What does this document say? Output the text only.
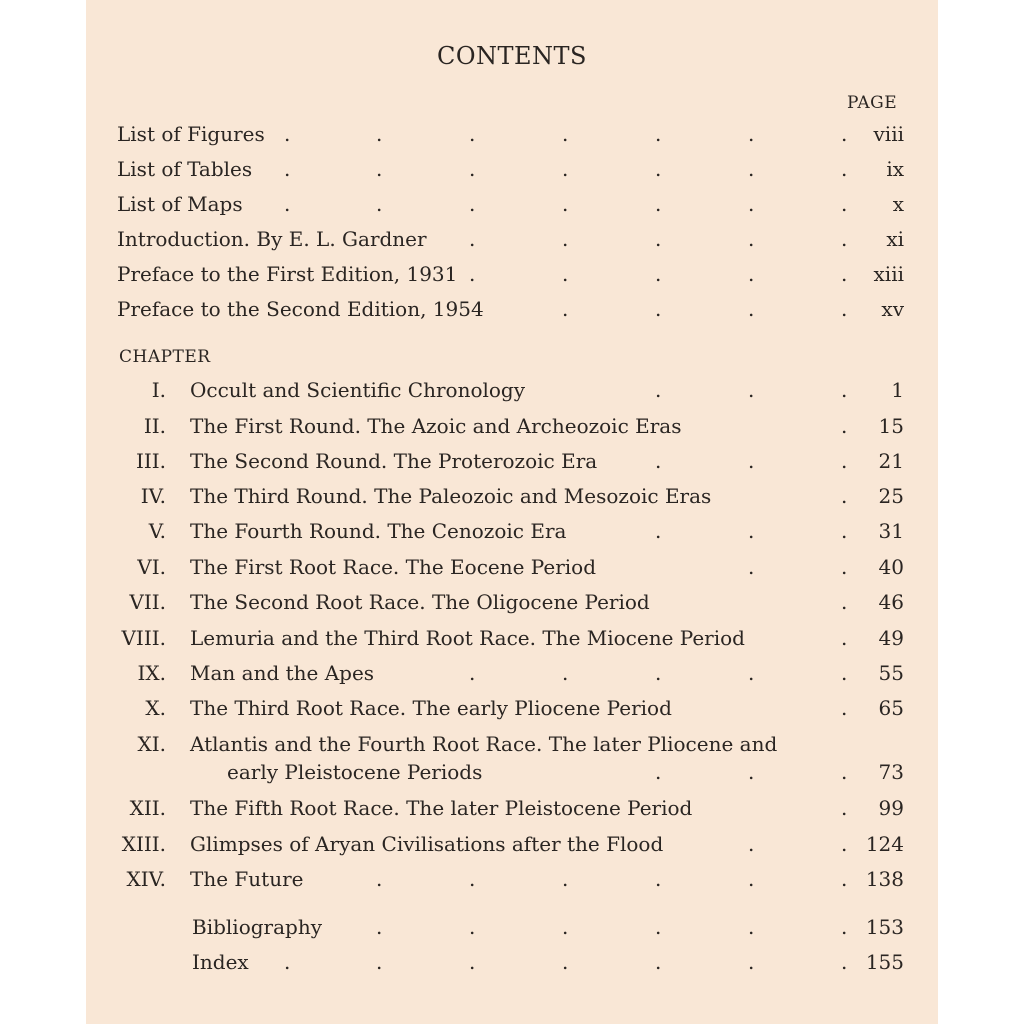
CONTENTS
PAGE
List of Figures .	.	.	.	.	.	. viii
List of Tables .	.	.	.	.	.	. ix
List of Maps .	.	.	.	.	.	. x
Introduction. By E. L. Gardner .	.	.	.	. xi
Preface to the First Edition, 1931 .	.	.	.	. xiii
Preface to the Second Edition, 1954	.	.	.	. xv
CHAPTER
I. Occult and Scientific Chronology	.	.	. 1
II. The First Round. The Azoic and Archeozoic Eras	. 15
III. The Second Round. The Proterozoic Era	.	.	. 21
IV. The Third Round. The Paleozoic and Mesozoic Eras	. 25
V. The Fourth Round. The Cenozoic Era	.	.	. 31
VI. The First Root Race. The Eocene Period	.	. 40
VII. The Second Root Race. The Oligocene Period	. 46
VIII. Lemuria and the Third Root Race. The Miocene Period	. 49
IX. Man and the Apes	.	.	.	.	. 55
X. The Third Root Race. The early Pliocene Period	. 65
XI. Atlantis and the Fourth Root Race. The later Pliocene and
early Pleistocene Periods	.	.	. 73
XII. The Fifth Root Race. The later Pleistocene Period	. 99
XIII. Glimpses of Aryan Civilisations after the Flood	.	. 124
XIV. The Future	.	.	.	.	.	. 138
Bibliography	.	.	.	.	.	. 153
Index .	.	.	.	.	.	. 155
